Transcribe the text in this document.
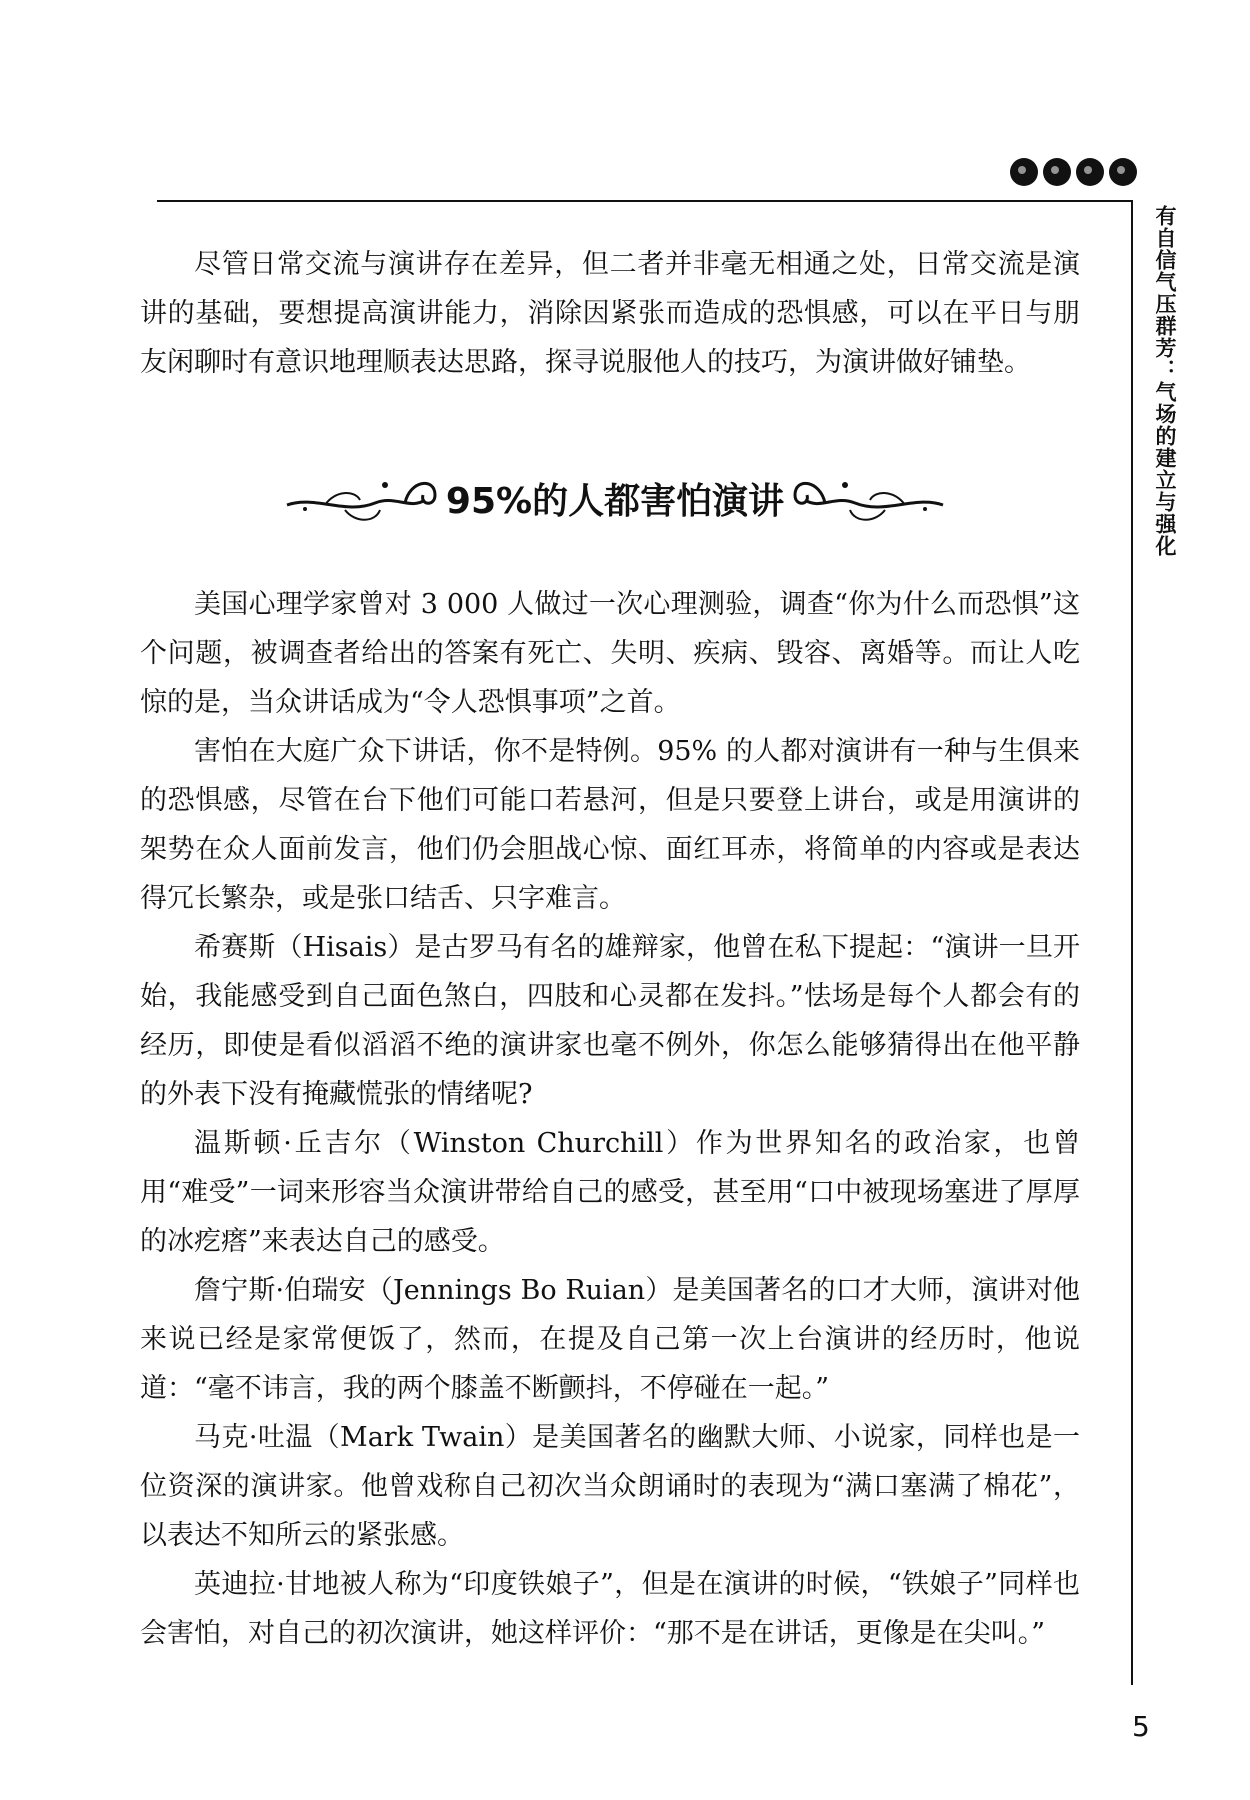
有自信气压群芳：气场的建立与强化

尽管日常交流与演讲存在差异，但二者并非毫无相通之处，日常交流是演讲的基础，要想提高演讲能力，消除因紧张而造成的恐惧感，可以在平日与朋友闲聊时有意识地理顺表达思路，探寻说服他人的技巧，为演讲做好铺垫。

95%的人都害怕演讲

美国心理学家曾对 3 000 人做过一次心理测验，调查“你为什么而恐惧”这个问题，被调查者给出的答案有死亡、失明、疾病、毁容、离婚等。而让人吃惊的是，当众讲话成为“令人恐惧事项”之首。

害怕在大庭广众下讲话，你不是特例。95% 的人都对演讲有一种与生俱来的恐惧感，尽管在台下他们可能口若悬河，但是只要登上讲台，或是用演讲的架势在众人面前发言，他们仍会胆战心惊、面红耳赤，将简单的内容或是表达得冗长繁杂，或是张口结舌、只字难言。

希赛斯（Hisais）是古罗马有名的雄辩家，他曾在私下提起：“演讲一旦开始，我能感受到自己面色煞白，四肢和心灵都在发抖。”怯场是每个人都会有的经历，即使是看似滔滔不绝的演讲家也毫不例外，你怎么能够猜得出在他平静的外表下没有掩藏慌张的情绪呢?

温斯顿·丘吉尔（Winston Churchill）作为世界知名的政治家，也曾用“难受”一词来形容当众演讲带给自己的感受，甚至用“口中被现场塞进了厚厚的冰疙瘩”来表达自己的感受。

詹宁斯·伯瑞安（Jennings Bo Ruian）是美国著名的口才大师，演讲对他来说已经是家常便饭了，然而，在提及自己第一次上台演讲的经历时，他说道：“毫不讳言，我的两个膝盖不断颤抖，不停碰在一起。”

马克·吐温（Mark Twain）是美国著名的幽默大师、小说家，同样也是一位资深的演讲家。他曾戏称自己初次当众朗诵时的表现为“满口塞满了棉花”，以表达不知所云的紧张感。

英迪拉·甘地被人称为“印度铁娘子”，但是在演讲的时候，“铁娘子”同样也会害怕，对自己的初次演讲，她这样评价：“那不是在讲话，更像是在尖叫。”

5
